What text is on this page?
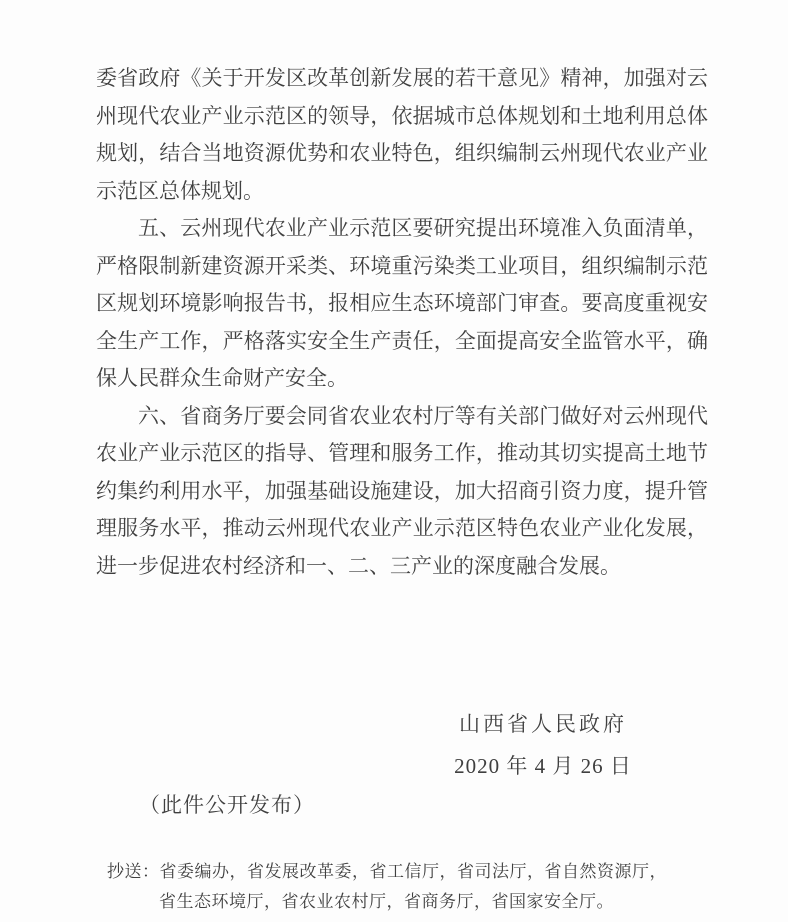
委省政府《关于开发区改革创新发展的若干意见》精神，加强对云州现代农业产业示范区的领导，依据城市总体规划和土地利用总体规划，结合当地资源优势和农业特色，组织编制云州现代农业产业示范区总体规划。

五、云州现代农业产业示范区要研究提出环境准入负面清单，严格限制新建资源开采类、环境重污染类工业项目，组织编制示范区规划环境影响报告书，报相应生态环境部门审查。要高度重视安全生产工作，严格落实安全生产责任，全面提高安全监管水平，确保人民群众生命财产安全。

六、省商务厅要会同省农业农村厅等有关部门做好对云州现代农业产业示范区的指导、管理和服务工作，推动其切实提高土地节约集约利用水平，加强基础设施建设，加大招商引资力度，提升管理服务水平，推动云州现代农业产业示范区特色农业产业化发展，进一步促进农村经济和一、二、三产业的深度融合发展。

山西省人民政府
2020 年 4 月 26 日
（此件公开发布）
抄送：省委编办，省发展改革委，省工信厅，省司法厅，省自然资源厅，
省生态环境厅，省农业农村厅，省商务厅，省国家安全厅。
